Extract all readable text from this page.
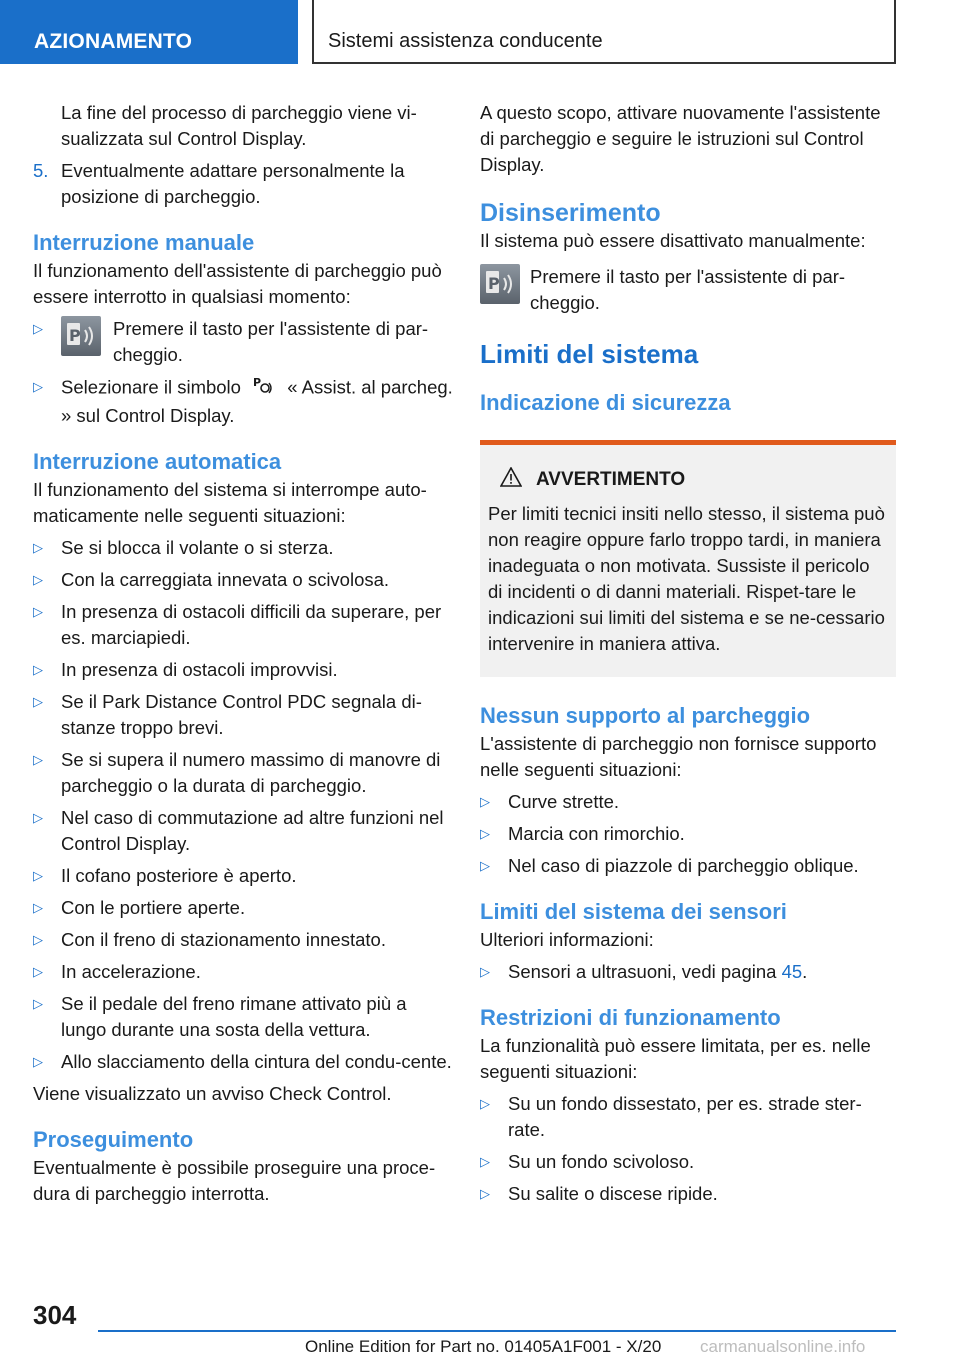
AZIONAMENTO	Sistemi assistenza conducente

La fine del processo di parcheggio viene vi-sualizzata sul Control Display.

5. Eventualmente adattare personalmente la posizione di parcheggio.
Interruzione manuale

Il funzionamento dell'assistente di parcheggio può essere interrotto in qualsiasi momento:

▷ P Premere il tasto per l'assistente di par-cheggio.
▷ Selezionare il simbolo P « Assist. al parcheg. » sul Control Display.
Interruzione automatica

Il funzionamento del sistema si interrompe auto-maticamente nelle seguenti situazioni:

▷ Se si blocca il volante o si sterza.
▷ Con la carreggiata innevata o scivolosa.
▷ In presenza di ostacoli difficili da superare, per es. marciapiedi.
▷ In presenza di ostacoli improvvisi.
▷ Se il Park Distance Control PDC segnala di-stanze troppo brevi.
▷ Se si supera il numero massimo di manovre di parcheggio o la durata di parcheggio.
▷ Nel caso di commutazione ad altre funzioni nel Control Display.
▷ Il cofano posteriore è aperto.
▷ Con le portiere aperte.
▷ Con il freno di stazionamento innestato.
▷ In accelerazione.
▷ Se il pedale del freno rimane attivato più a lungo durante una sosta della vettura.
▷ Allo slacciamento della cintura del condu-cente.

Viene visualizzato un avviso Check Control.

Proseguimento

Eventualmente è possibile proseguire una proce-dura di parcheggio interrotta.

A questo scopo, attivare nuovamente l'assistente di parcheggio e seguire le istruzioni sul Control Display.

Disinserimento

Il sistema può essere disattivato manualmente:

P Premere il tasto per l'assistente di par-cheggio.

Limiti del sistema
Indicazione di sicurezza
AVVERTIMENTO

Per limiti tecnici insiti nello stesso, il sistema può non reagire oppure farlo troppo tardi, in maniera inadeguata o non motivata. Sussiste il pericolo di incidenti o di danni materiali. Rispet-tare le indicazioni sui limiti del sistema e se ne-cessario intervenire in maniera attiva.

Nessun supporto al parcheggio

L'assistente di parcheggio non fornisce supporto nelle seguenti situazioni:

▷ Curve strette.
▷ Marcia con rimorchio.
▷ Nel caso di piazzole di parcheggio oblique.
Limiti del sistema dei sensori

Ulteriori informazioni:

▷ Sensori a ultrasuoni, vedi pagina 45.
Restrizioni di funzionamento

La funzionalità può essere limitata, per es. nelle seguenti situazioni:

▷ Su un fondo dissestato, per es. strade ster-rate.
▷ Su un fondo scivoloso.
▷ Su salite o discese ripide.
304
Online Edition for Part no. 01405A1F001 - X/20 carmanualsonline.info
